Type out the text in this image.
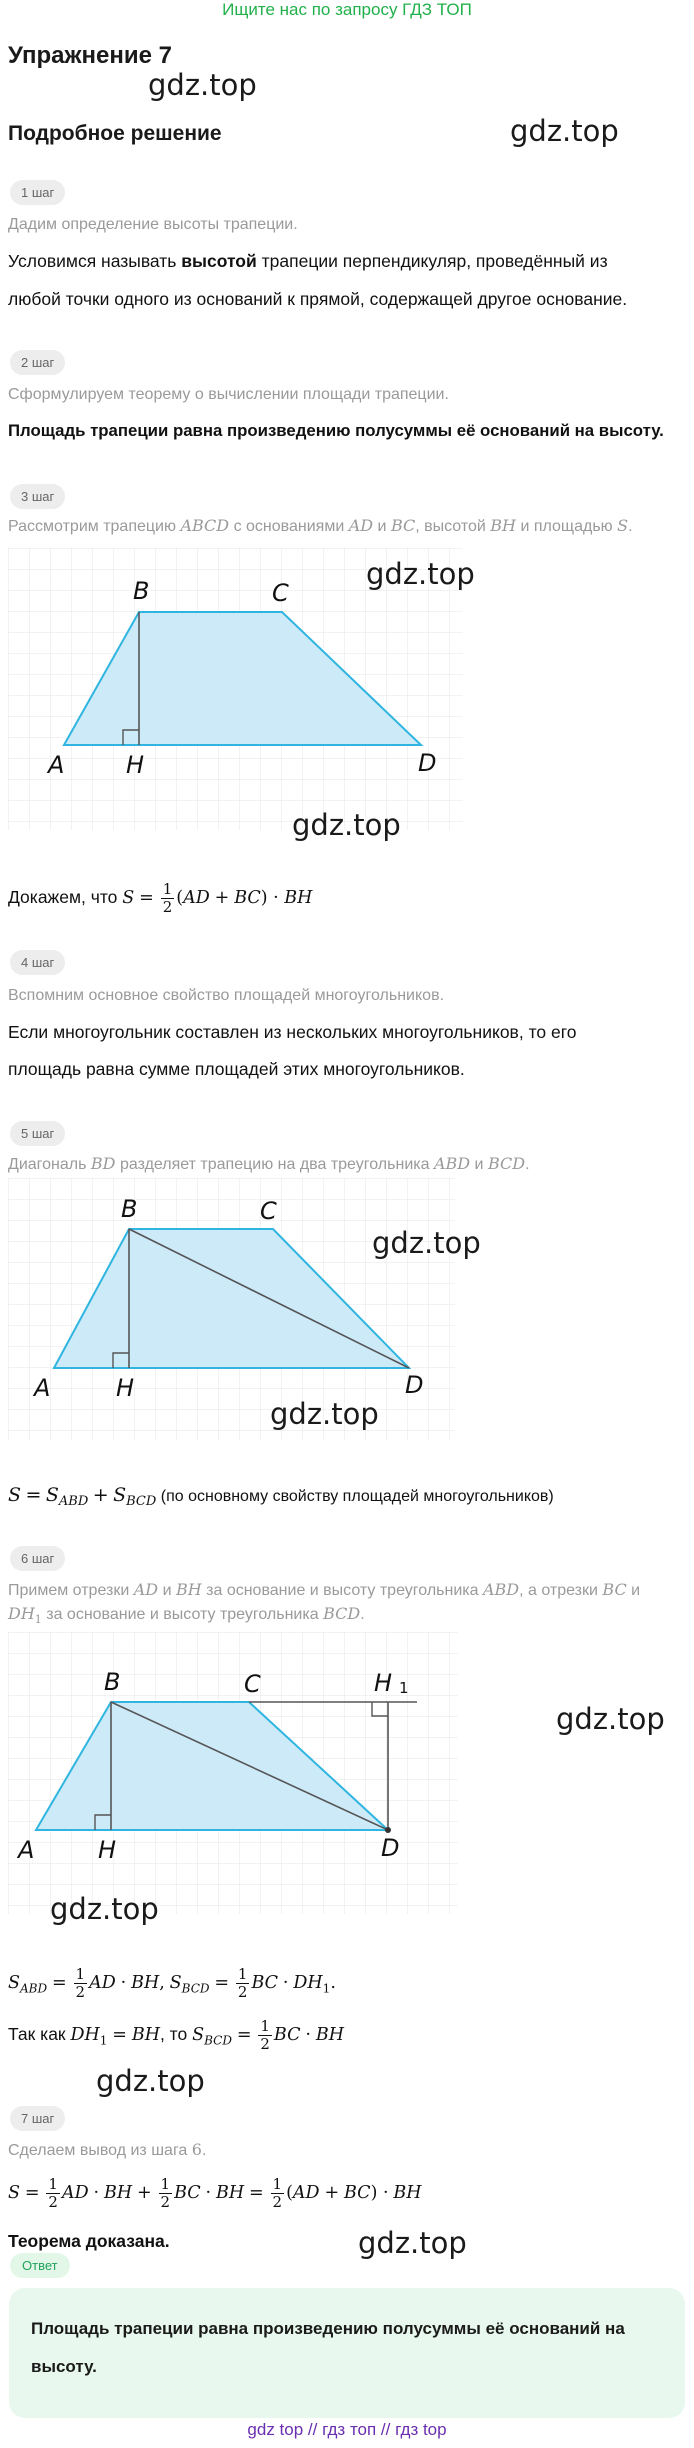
Ищите нас по запросу ГДЗ ТОП
Упражнение 7
gdz.top
Подробное решение	gdz.top
1 шаг
Дадим определение высоты трапеции.
Условимся называть высотой трапеции перпендикуляр, проведённый из
любой точки одного из оснований к прямой, содержащей другое основание.
2 шаг
Сформулируем теорему о вычислении площади трапеции.
Площадь трапеции равна произведению полусуммы её оснований на высоту.
3 шаг
Рассмотрим трапецию ABCD с основаниями AD и BC, высотой BH и площадью S.
A
B	C
D
H
gdz.top
gdz.top
Докажем, что $S = \frac{1}{2} (AD + BC)$ · BH
4 шаг
Вспомним основное свойство площадей многоугольников.
Если многоугольник составлен из нескольких многоугольников, то его
площадь равна сумме площадей этих многоугольников.
5 шаг
Диагональ BD разделяет трапецию на два треугольника ABD и BCD.
A
B	C
D
H
gdz.top
gdz.top
$S = S_{ABD} + S_{BCD}$ (по основному свойству площадей многоугольников)
6 шаг
Примем отрезки AD и BH за основание и высоту треугольника ABD, а отрезки BC и
$DH_1$ за основание и высоту треугольника BCD.
A
B	C
D
H
H 1
gdz.top
gdz.top
$S_{ABD} = \frac{1}{2}$ AD · BH, $S_{BCD} = \frac{1}{2}$ BC · $DH_1$.
Так как $DH_1$ = BH, то $S_{BCD} = \frac{1}{2}$ BC · BH
gdz.top
7 шаг
Сделаем вывод из шага 6.
$S = \frac{1}{2}$ AD · BH + $\frac{1}{2}$ BC · BH = $\frac{1}{2} (AD + BC)$ · BH
Теорема доказана.	gdz.top
Ответ
Площадь трапеции равна произведению полусуммы её оснований на
высоту.
gdz top // гдз топ // гдз top
